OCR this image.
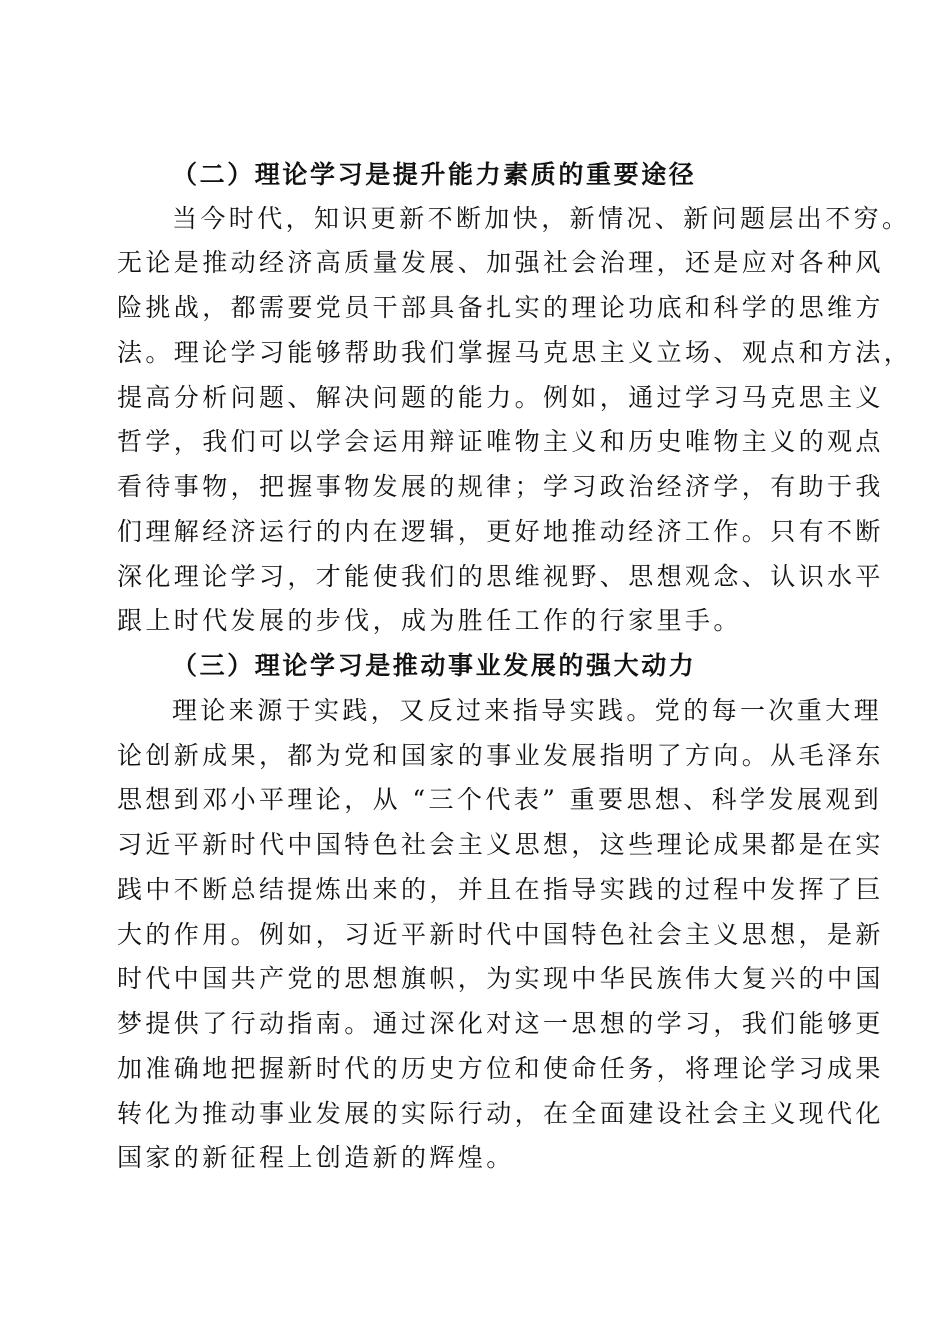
（二）理论学习是提升能力素质的重要途径

当今时代，知识更新不断加快，新情况、新问题层出不穷。

无论是推动经济高质量发展、加强社会治理，还是应对各种风

险挑战，都需要党员干部具备扎实的理论功底和科学的思维方

法。理论学习能够帮助我们掌握马克思主义立场、观点和方法，

提高分析问题、解决问题的能力。例如，通过学习马克思主义

哲学，我们可以学会运用辩证唯物主义和历史唯物主义的观点

看待事物，把握事物发展的规律；学习政治经济学，有助于我

们理解经济运行的内在逻辑，更好地推动经济工作。只有不断

深化理论学习，才能使我们的思维视野、思想观念、认识水平

跟上时代发展的步伐，成为胜任工作的行家里手。

（三）理论学习是推动事业发展的强大动力

理论来源于实践，又反过来指导实践。党的每一次重大理

论创新成果，都为党和国家的事业发展指明了方向。从毛泽东

思想到邓小平理论，从 “三个代表” 重要思想、科学发展观到

习近平新时代中国特色社会主义思想，这些理论成果都是在实

践中不断总结提炼出来的，并且在指导实践的过程中发挥了巨

大的作用。例如，习近平新时代中国特色社会主义思想，是新

时代中国共产党的思想旗帜，为实现中华民族伟大复兴的中国

梦提供了行动指南。通过深化对这一思想的学习，我们能够更

加准确地把握新时代的历史方位和使命任务，将理论学习成果

转化为推动事业发展的实际行动，在全面建设社会主义现代化

国家的新征程上创造新的辉煌。
